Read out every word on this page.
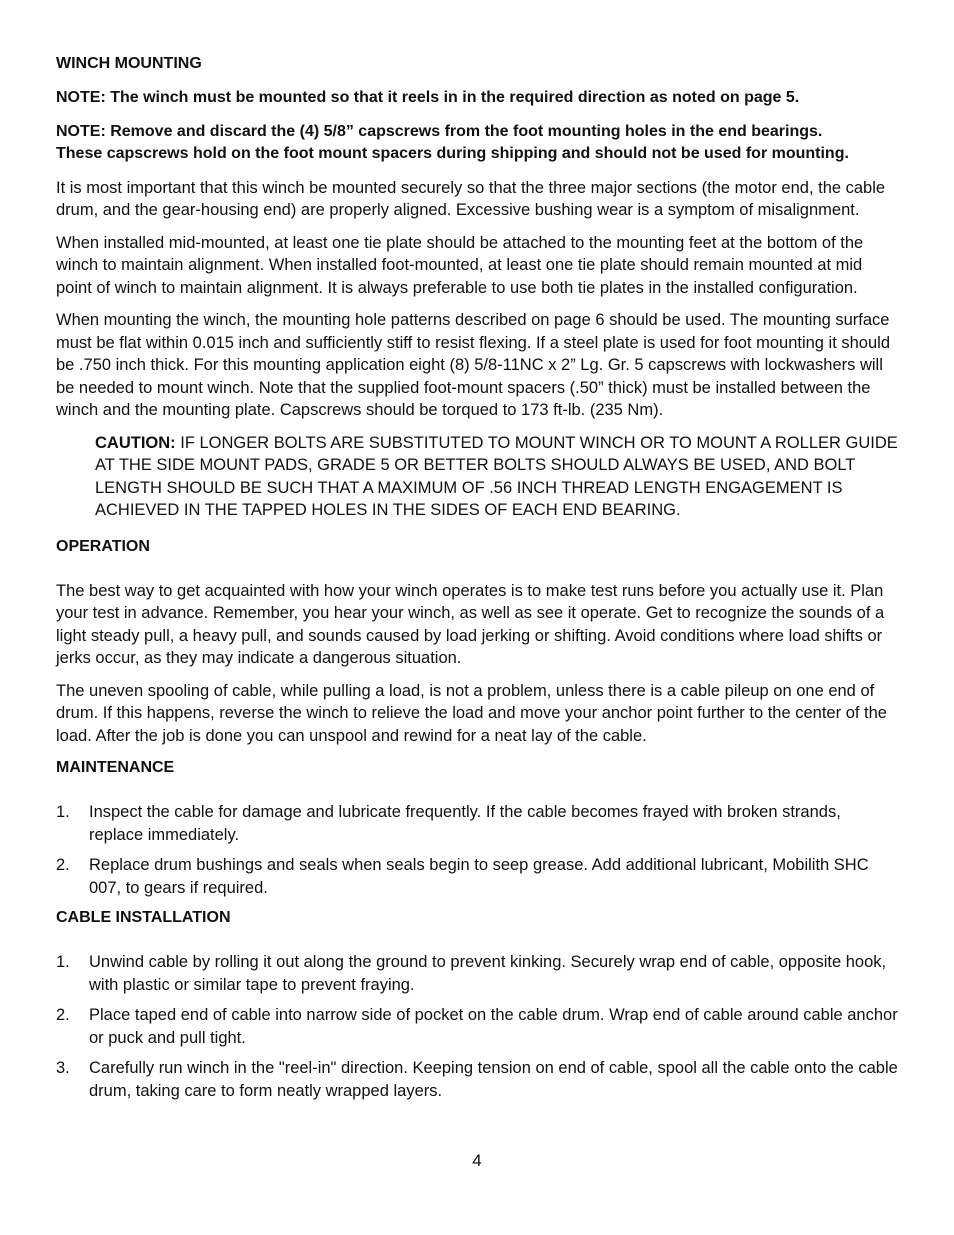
WINCH MOUNTING
NOTE: The winch must be mounted so that it reels in in the required direction as noted on page 5.
NOTE: Remove and discard the (4) 5/8” capscrews from the foot mounting holes in the end bearings.
These capscrews hold on the foot mount spacers during shipping and should not be used for mounting.

It is most important that this winch be mounted securely so that the three major sections (the motor end, the cable drum, and the gear-housing end) are properly aligned. Excessive bushing wear is a symptom of misalignment.

When installed mid-mounted, at least one tie plate should be attached to the mounting feet at the bottom of the winch to maintain alignment. When installed foot-mounted, at least one tie plate should remain mounted at mid point of winch to maintain alignment. It is always preferable to use both tie plates in the installed configuration.

When mounting the winch, the mounting hole patterns described on page 6 should be used. The mounting surface must be flat within 0.015 inch and sufficiently stiff to resist flexing. If a steel plate is used for foot mounting it should be .750 inch thick. For this mounting application eight (8) 5/8-11NC x 2” Lg. Gr. 5 capscrews with lockwashers will be needed to mount winch. Note that the supplied foot-mount spacers (.50” thick) must be installed between the winch and the mounting plate. Capscrews should be torqued to 173 ft-lb. (235 Nm).

CAUTION: IF LONGER BOLTS ARE SUBSTITUTED TO MOUNT WINCH OR TO MOUNT A ROLLER GUIDE AT THE SIDE MOUNT PADS, GRADE 5 OR BETTER BOLTS SHOULD ALWAYS BE USED, AND BOLT LENGTH SHOULD BE SUCH THAT A MAXIMUM OF .56 INCH THREAD LENGTH ENGAGEMENT IS ACHIEVED IN THE TAPPED HOLES IN THE SIDES OF EACH END BEARING.

OPERATION

The best way to get acquainted with how your winch operates is to make test runs before you actually use it. Plan your test in advance. Remember, you hear your winch, as well as see it operate. Get to recognize the sounds of a light steady pull, a heavy pull, and sounds caused by load jerking or shifting. Avoid conditions where load shifts or jerks occur, as they may indicate a dangerous situation.

The uneven spooling of cable, while pulling a load, is not a problem, unless there is a cable pileup on one end of drum. If this happens, reverse the winch to relieve the load and move your anchor point further to the center of the load. After the job is done you can unspool and rewind for a neat lay of the cable.

MAINTENANCE
1. Inspect the cable for damage and lubricate frequently. If the cable becomes frayed with broken strands, replace immediately.
2. Replace drum bushings and seals when seals begin to seep grease. Add additional lubricant, Mobilith SHC 007, to gears if required.
CABLE INSTALLATION
1. Unwind cable by rolling it out along the ground to prevent kinking. Securely wrap end of cable, opposite hook, with plastic or similar tape to prevent fraying.
2. Place taped end of cable into narrow side of pocket on the cable drum. Wrap end of cable around cable anchor or puck and pull tight.
3. Carefully run winch in the "reel-in" direction. Keeping tension on end of cable, spool all the cable onto the cable drum, taking care to form neatly wrapped layers.
4
